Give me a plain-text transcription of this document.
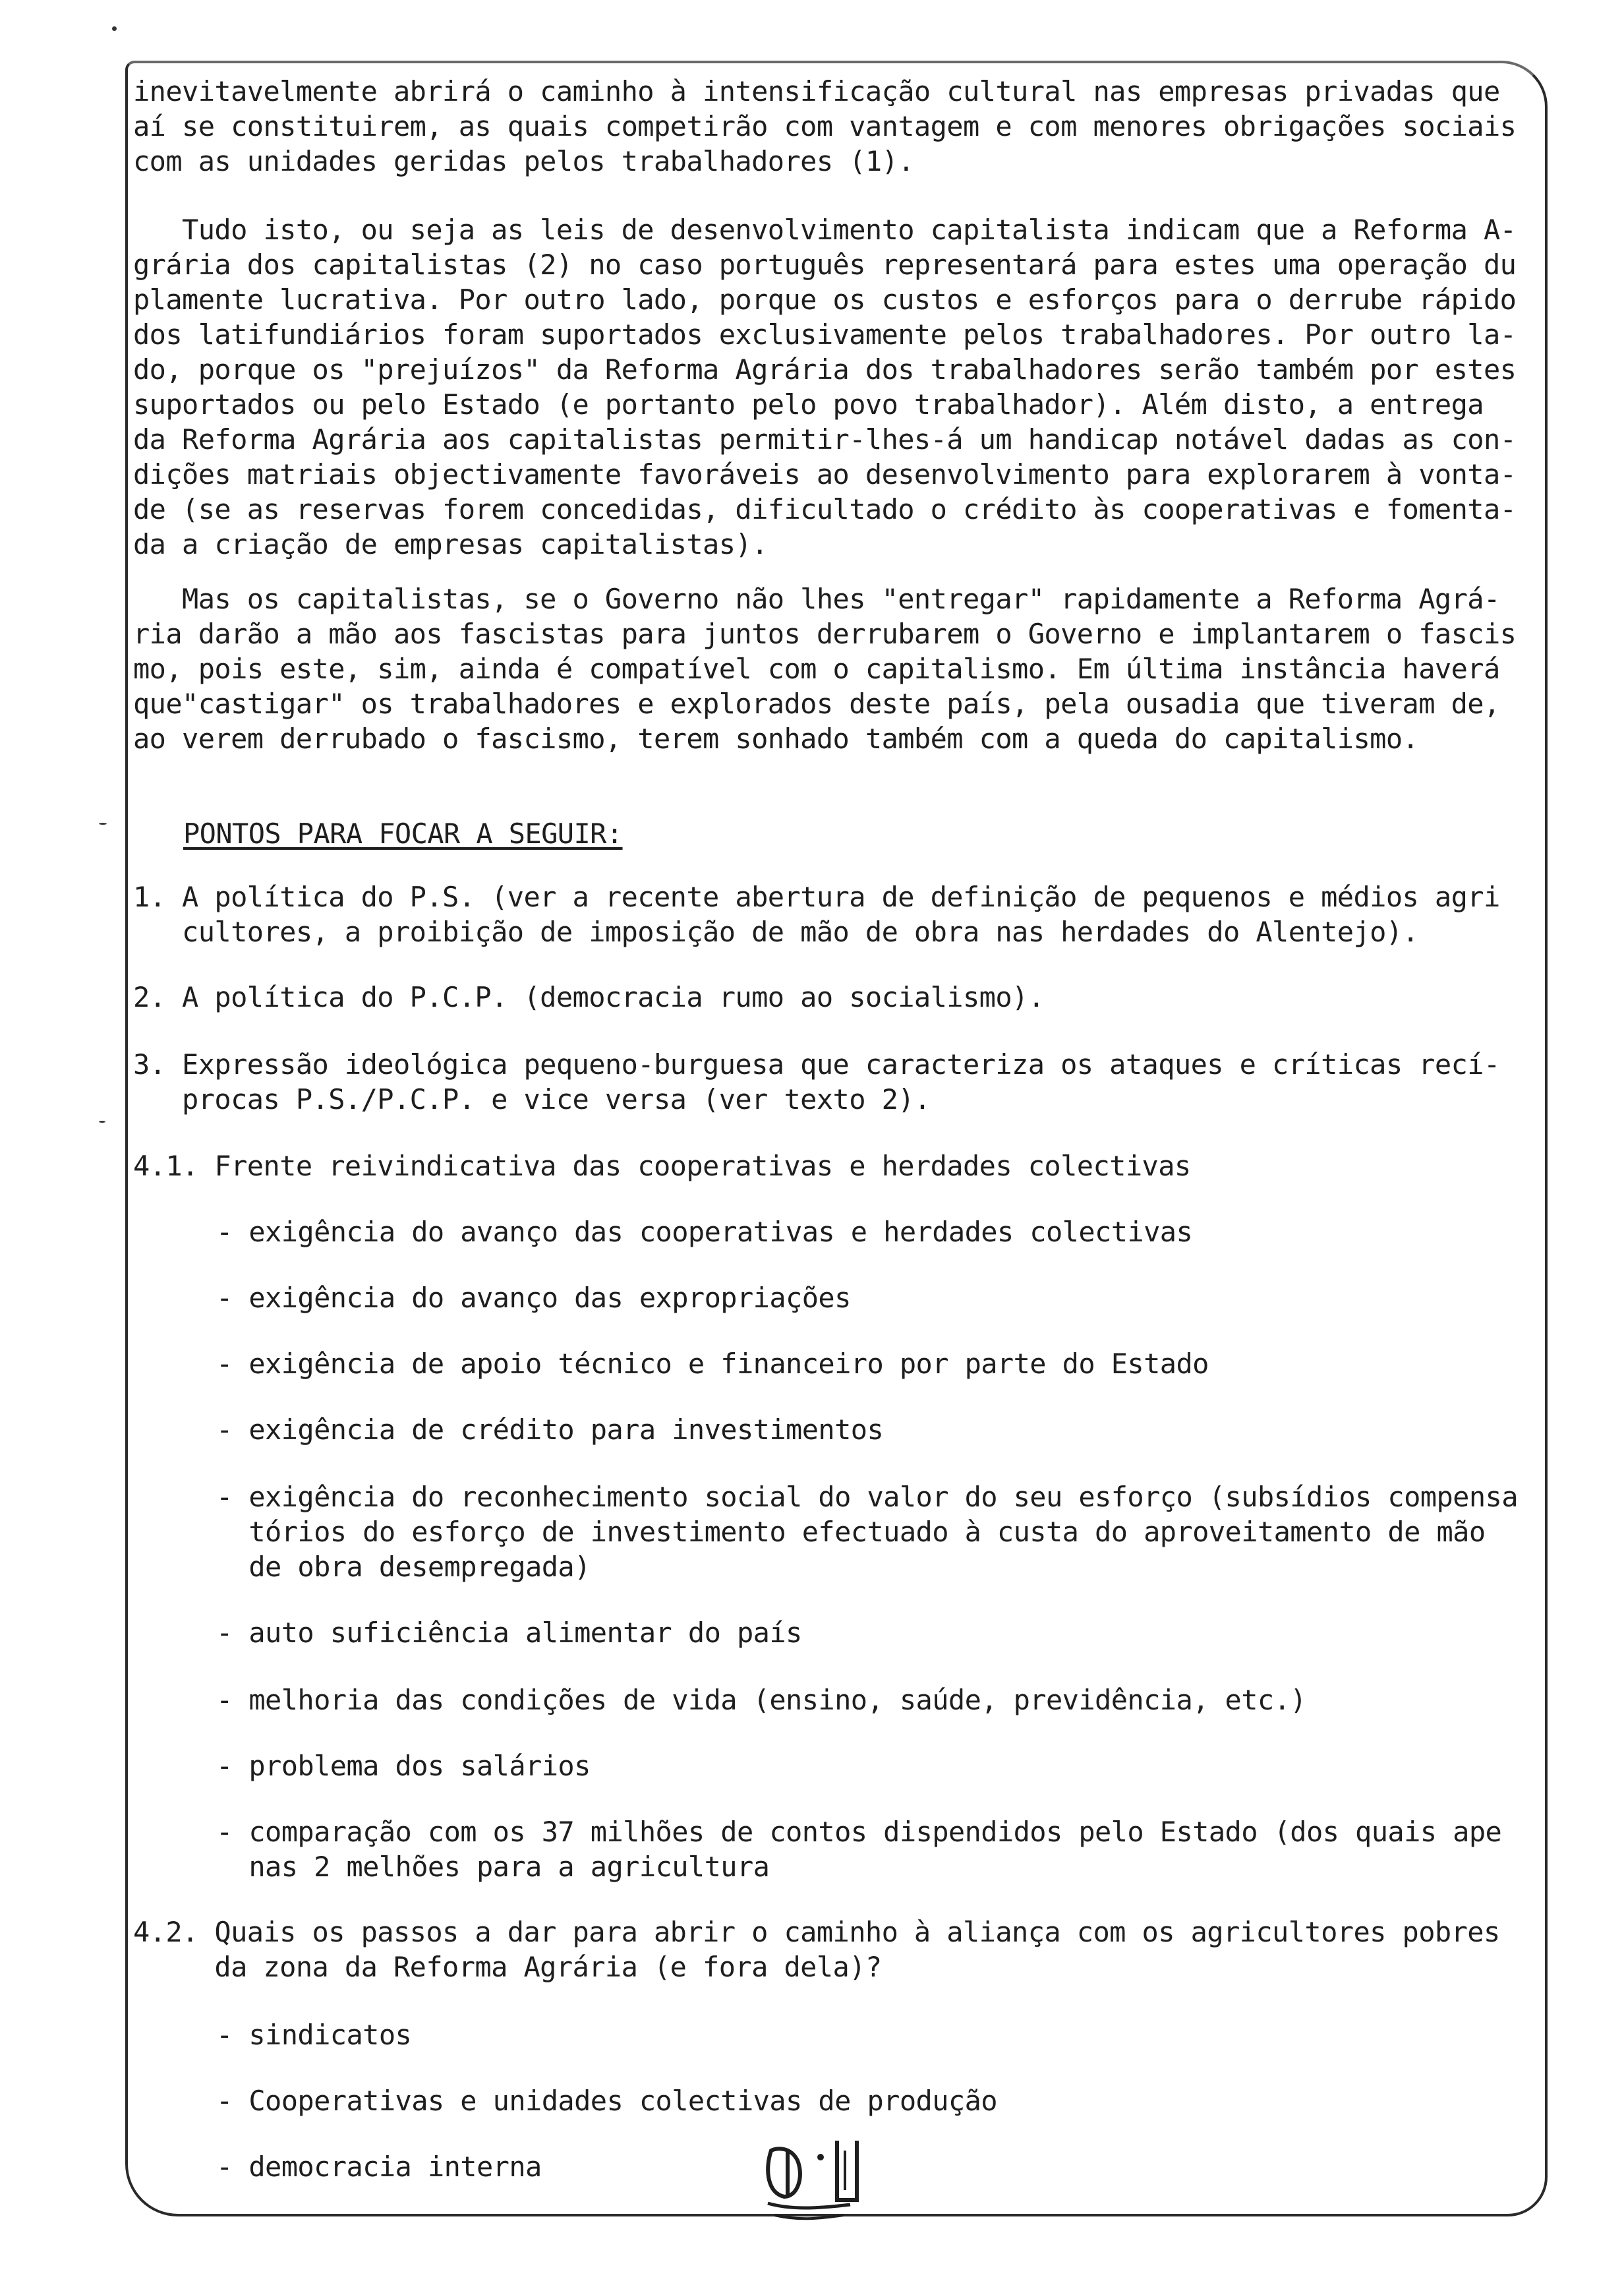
inevitavelmente abrirá o caminho à intensificação cultural nas empresas privadas que
aí se constituirem, as quais competirão com vantagem e com menores obrigações sociais
com as unidades geridas pelos trabalhadores (1).
Tudo isto, ou seja as leis de desenvolvimento capitalista indicam que a Reforma A-
grária dos capitalistas (2) no caso português representará para estes uma operação du
plamente lucrativa. Por outro lado, porque os custos e esforços para o derrube rápido
dos latifundiários foram suportados exclusivamente pelos trabalhadores. Por outro la-
do, porque os "prejuízos" da Reforma Agrária dos trabalhadores serão também por estes
suportados ou pelo Estado (e portanto pelo povo trabalhador). Além disto, a entrega
da Reforma Agrária aos capitalistas permitir-lhes-á um handicap notável dadas as con-
dições matriais objectivamente favoráveis ao desenvolvimento para explorarem à vonta-
de (se as reservas forem concedidas, dificultado o crédito às cooperativas e fomenta-
da a criação de empresas capitalistas).
Mas os capitalistas, se o Governo não lhes "entregar" rapidamente a Reforma Agrá-
ria darão a mão aos fascistas para juntos derrubarem o Governo e implantarem o fascis
mo, pois este, sim, ainda é compatível com o capitalismo. Em última instância haverá
que"castigar" os trabalhadores e explorados deste país, pela ousadia que tiveram de,
ao verem derrubado o fascismo, terem sonhado também com a queda do capitalismo.
PONTOS PARA FOCAR A SEGUIR:
1. A política do P.S. (ver a recente abertura de definição de pequenos e médios agri
cultores, a proibição de imposição de mão de obra nas herdades do Alentejo).
2. A política do P.C.P. (democracia rumo ao socialismo).
3. Expressão ideológica pequeno-burguesa que caracteriza os ataques e críticas recí-
procas P.S./P.C.P. e vice versa (ver texto 2).
4.1. Frente reivindicativa das cooperativas e herdades colectivas
- exigência do avanço das cooperativas e herdades colectivas
- exigência do avanço das expropriações
- exigência de apoio técnico e financeiro por parte do Estado
- exigência de crédito para investimentos
- exigência do reconhecimento social do valor do seu esforço (subsídios compensa
tórios do esforço de investimento efectuado à custa do aproveitamento de mão
de obra desempregada)
- auto suficiência alimentar do país
- melhoria das condições de vida (ensino, saúde, previdência, etc.)
- problema dos salários
- comparação com os 37 milhões de contos dispendidos pelo Estado (dos quais ape
nas 2 melhões para a agricultura
4.2. Quais os passos a dar para abrir o caminho à aliança com os agricultores pobres
da zona da Reforma Agrária (e fora dela)?
- sindicatos
- Cooperativas e unidades colectivas de produção
- democracia interna
